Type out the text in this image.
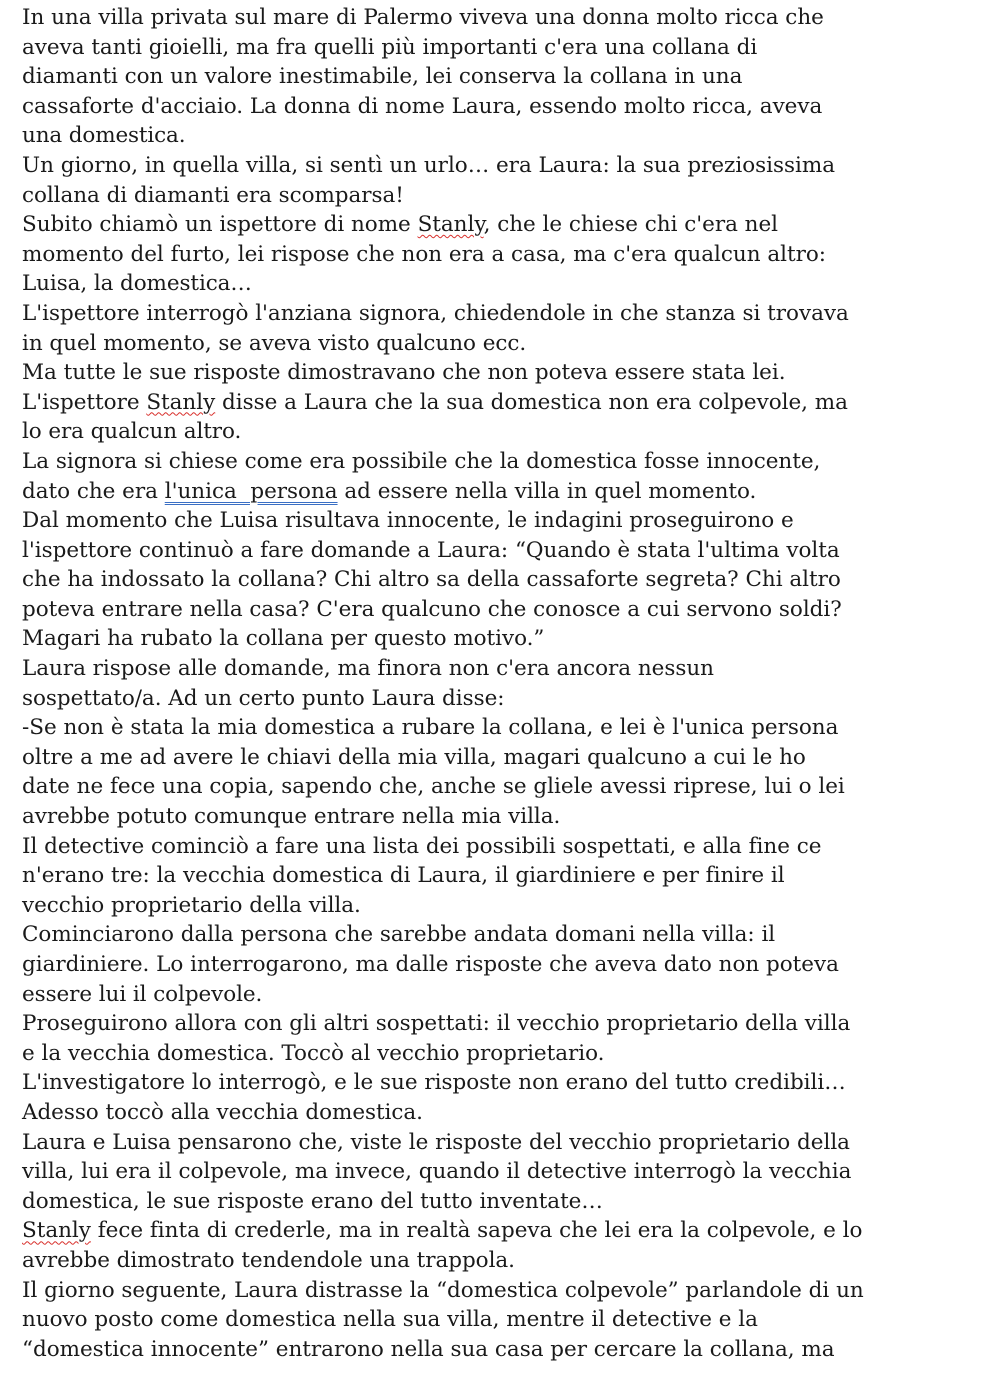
In una villa privata sul mare di Palermo viveva una donna molto ricca che
aveva tanti gioielli, ma fra quelli più importanti c'era una collana di
diamanti con un valore inestimabile, lei conserva la collana in una
cassaforte d'acciaio. La donna di nome Laura, essendo molto ricca, aveva
una domestica.
Un giorno, in quella villa, si sentì un urlo… era Laura: la sua preziosissima
collana di diamanti era scomparsa!
Subito chiamò un ispettore di nome Stanly, che le chiese chi c'era nel
momento del furto, lei rispose che non era a casa, ma c'era qualcun altro:
Luisa, la domestica…
L'ispettore interrogò l'anziana signora, chiedendole in che stanza si trovava
in quel momento, se aveva visto qualcuno ecc.
Ma tutte le sue risposte dimostravano che non poteva essere stata lei.
L'ispettore Stanly disse a Laura che la sua domestica non era colpevole, ma
lo era qualcun altro.
La signora si chiese come era possibile che la domestica fosse innocente,
dato che era l'unica  persona ad essere nella villa in quel momento.
Dal momento che Luisa risultava innocente, le indagini proseguirono e
l'ispettore continuò a fare domande a Laura: “Quando è stata l'ultima volta
che ha indossato la collana? Chi altro sa della cassaforte segreta? Chi altro
poteva entrare nella casa? C'era qualcuno che conosce a cui servono soldi?
Magari ha rubato la collana per questo motivo.”
Laura rispose alle domande, ma finora non c'era ancora nessun
sospettato/a. Ad un certo punto Laura disse:
-Se non è stata la mia domestica a rubare la collana, e lei è l'unica persona
oltre a me ad avere le chiavi della mia villa, magari qualcuno a cui le ho
date ne fece una copia, sapendo che, anche se gliele avessi riprese, lui o lei
avrebbe potuto comunque entrare nella mia villa.
Il detective cominciò a fare una lista dei possibili sospettati, e alla fine ce
n'erano tre: la vecchia domestica di Laura, il giardiniere e per finire il
vecchio proprietario della villa.
Cominciarono dalla persona che sarebbe andata domani nella villa: il
giardiniere. Lo interrogarono, ma dalle risposte che aveva dato non poteva
essere lui il colpevole.
Proseguirono allora con gli altri sospettati: il vecchio proprietario della villa
e la vecchia domestica. Toccò al vecchio proprietario.
L'investigatore lo interrogò, e le sue risposte non erano del tutto credibili…
Adesso toccò alla vecchia domestica.
Laura e Luisa pensarono che, viste le risposte del vecchio proprietario della
villa, lui era il colpevole, ma invece, quando il detective interrogò la vecchia
domestica, le sue risposte erano del tutto inventate…
Stanly fece finta di crederle, ma in realtà sapeva che lei era la colpevole, e lo
avrebbe dimostrato tendendole una trappola.
Il giorno seguente, Laura distrasse la “domestica colpevole” parlandole di un
nuovo posto come domestica nella sua villa, mentre il detective e la
“domestica innocente” entrarono nella sua casa per cercare la collana, ma
